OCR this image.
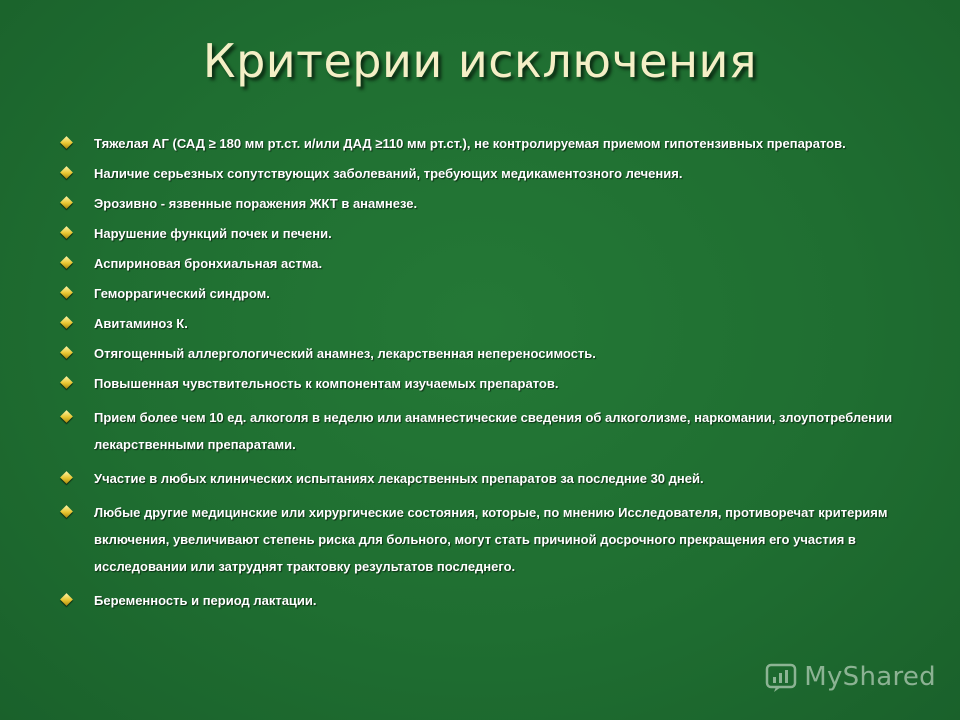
Критерии исключения
Тяжелая АГ (САД ≥ 180 мм рт.ст. и/или ДАД ≥110 мм рт.ст.), не контролируемая приемом гипотензивных препаратов.
Наличие серьезных сопутствующих заболеваний, требующих медикаментозного лечения.
Эрозивно - язвенные поражения ЖКТ в анамнезе.
Нарушение функций почек и печени.
Аспириновая бронхиальная астма.
Геморрагический синдром.
Авитаминоз К.
Отягощенный аллергологический анамнез, лекарственная непереносимость.
Повышенная чувствительность к компонентам изучаемых препаратов.
Прием более чем 10 ед. алкоголя в неделю или анамнестические сведения об алкоголизме, наркомании, злоупотреблении лекарственными препаратами.
Участие в любых клинических испытаниях лекарственных препаратов за последние 30 дней.
Любые другие медицинские или хирургические состояния, которые, по мнению Исследователя, противоречат критериям включения, увеличивают степень риска для больного, могут стать причиной досрочного прекращения его участия в исследовании или затруднят трактовку результатов последнего.
Беременность и период лактации.
MyShared
